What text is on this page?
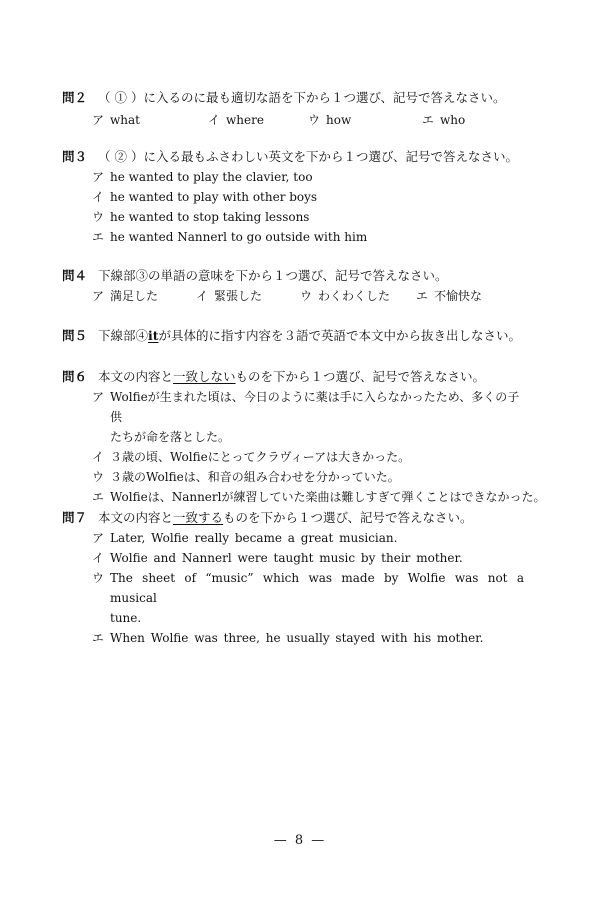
問２ （ ① ）に入るのに最も適切な語を下から１つ選び、記号で答えなさい。
ア what	イ where	ウ how	エ who
問３ （ ② ）に入る最もふさわしい英文を下から１つ選び、記号で答えなさい。
ア he wanted to play the clavier, too
イ he wanted to play with other boys
ウ he wanted to stop taking lessons
エ he wanted Nannerl to go outside with him
問４ 下線部③の単語の意味を下から１つ選び、記号で答えなさい。
ア 満足した	イ 緊張した	ウ わくわくした エ 不愉快な
問５ 下線部④itが具体的に指す内容を３語で英語で本文中から抜き出しなさい。
問６ 本文の内容と一致しないものを下から１つ選び、記号で答えなさい。
ア Wolfieが生まれた頃は、今日のように薬は手に入らなかったため、多くの子供
たちが命を落とした。
イ ３歳の頃、Wolfieにとってクラヴィーアは大きかった。
ウ ３歳のWolfieは、和音の組み合わせを分かっていた。
エ Wolfieは、Nannerlが練習していた楽曲は難しすぎて弾くことはできなかった。
問７ 本文の内容と一致するものを下から１つ選び、記号で答えなさい。
ア Later, Wolfie really became a great musician.
イ Wolfie and Nannerl were taught music by their mother.
ウ The sheet of “music” which was made by Wolfie was not a musical
tune.
エ When Wolfie was three, he usually stayed with his mother.
— 8 —
